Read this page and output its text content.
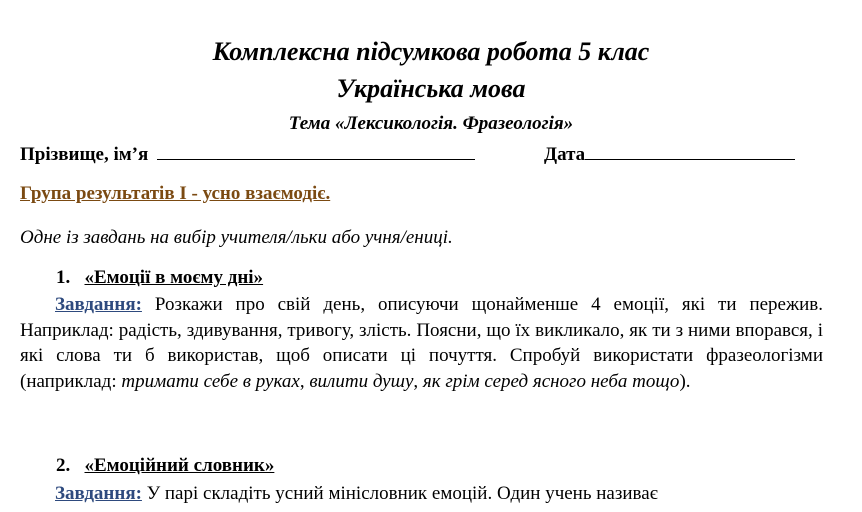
Комплексна підсумкова робота 5 клас
Українська мова
Тема «Лексикологія. Фразеологія»
Прізвище, ім’я	Дата
Група результатів І - усно взаємодіє.
Одне із завдань на вибір учителя/льки або учня/ениці.
1. «Емоції в моєму дні»
Завдання: Розкажи про свій день, описуючи щонайменше 4 емоції, які ти пережив. Наприклад: радість, здивування, тривогу, злість. Поясни, що їх викликало, як ти з ними впорався, і які слова ти б використав, щоб описати ці почуття. Спробуй використати фразеологізми (наприклад: тримати себе в руках, вилити душу, як грім серед ясного неба тощо).
2. «Емоційний словник»
Завдання: У парі складіть усний мінісловник емоцій. Один учень називає
